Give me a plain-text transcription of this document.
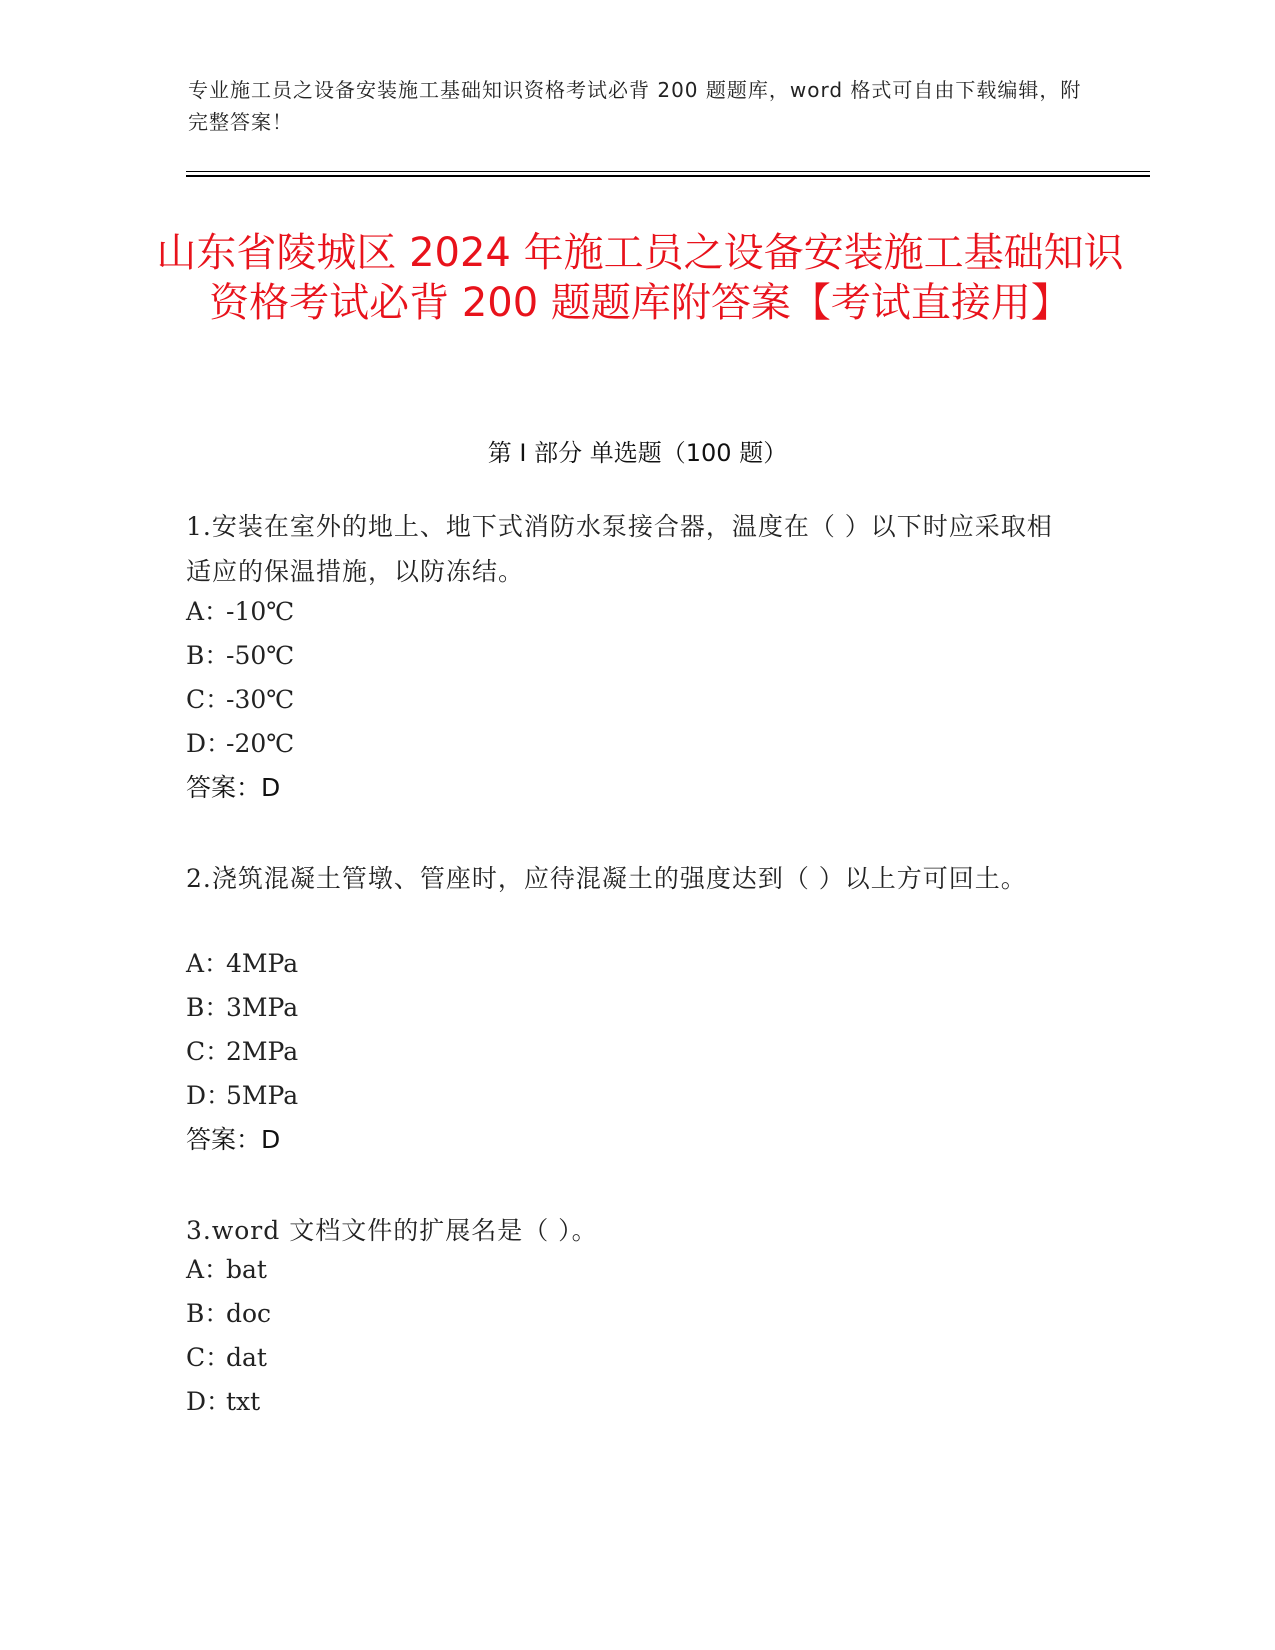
专业施工员之设备安装施工基础知识资格考试必背 200 题题库，word 格式可自由下载编辑，附完整答案！
山东省陵城区 2024 年施工员之设备安装施工基础知识资格考试必背 200 题题库附答案【考试直接用】
第 I 部分 单选题（100 题）
1.安装在室外的地上、地下式消防水泵接合器，温度在（ ）以下时应采取相适应的保温措施，以防冻结。
A：-10℃
B：-50℃
C：-30℃
D：-20℃
答案：D
2.浇筑混凝土管墩、管座时，应待混凝土的强度达到（ ）以上方可回土。
A：4MPa
B：3MPa
C：2MPa
D：5MPa
答案：D
3.word 文档文件的扩展名是（ ）。
A：bat
B：doc
C：dat
D：txt
